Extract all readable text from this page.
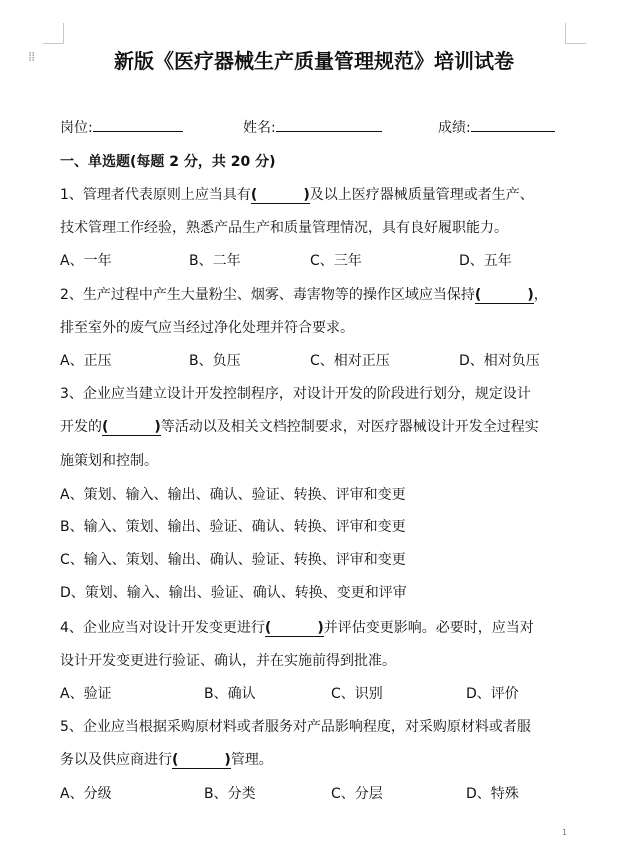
⁞⁞	新版《医疗器械生产质量管理规范》培训试卷
岗位:	姓名:	成绩:
一、单选题(每题 2 分，共 20 分)
1、管理者代表原则上应当具有(	)及以上医疗器械质量管理或者生产、
技术管理工作经验，熟悉产品生产和质量管理情况，具有良好履职能力。
A、一年	B、二年	C、三年	D、五年
2、生产过程中产生大量粉尘、烟雾、毒害物等的操作区域应当保持(	)，
排至室外的废气应当经过净化处理并符合要求。
A、正压	B、负压	C、相对正压	D、相对负压
3、企业应当建立设计开发控制程序，对设计开发的阶段进行划分，规定设计
开发的(	)等活动以及相关文档控制要求，对医疗器械设计开发全过程实
施策划和控制。
A、策划、输入、输出、确认、验证、转换、评审和变更
B、输入、策划、输出、验证、确认、转换、评审和变更
C、输入、策划、输出、确认、验证、转换、评审和变更
D、策划、输入、输出、验证、确认、转换、变更和评审
4、企业应当对设计开发变更进行(	)并评估变更影响。必要时，应当对
设计开发变更进行验证、确认，并在实施前得到批准。
A、验证	B、确认	C、识别	D、评价
5、企业应当根据采购原材料或者服务对产品影响程度，对采购原材料或者服
务以及供应商进行(	)管理。
A、分级	B、分类	C、分层	D、特殊
1
